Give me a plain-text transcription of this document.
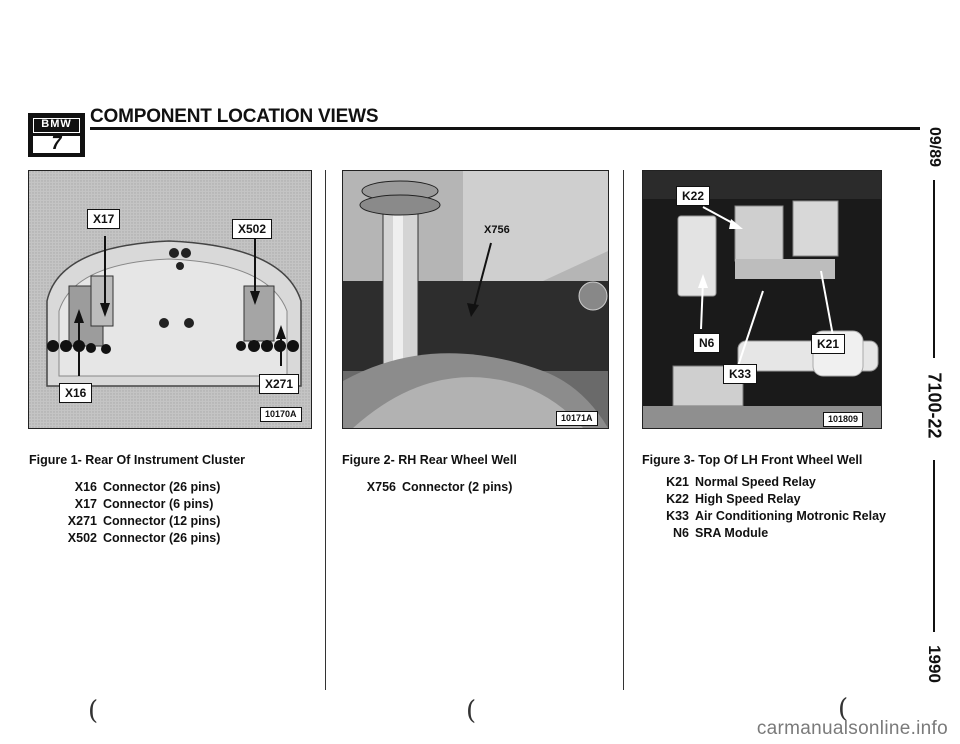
BMW
7
COMPONENT LOCATION VIEWS
09/89
7100-22
1990
X17
X502
X16
X271
10170A
X756
10171A
K22
N6	K21
K33
101809
Figure 1- Rear Of Instrument Cluster	Figure 2- RH Rear Wheel Well	Figure 3- Top Of LH Front Wheel Well
X16 Connector (26 pins)
X17 Connector (6 pins)
X271 Connector (12 pins)
X502 Connector (26 pins)
X756 Connector (2 pins)	K21 Normal Speed Relay
K22 High Speed Relay
K33 Air Conditioning Motronic Relay
N6 SRA Module
(	(	(
carmanualsonline.info
